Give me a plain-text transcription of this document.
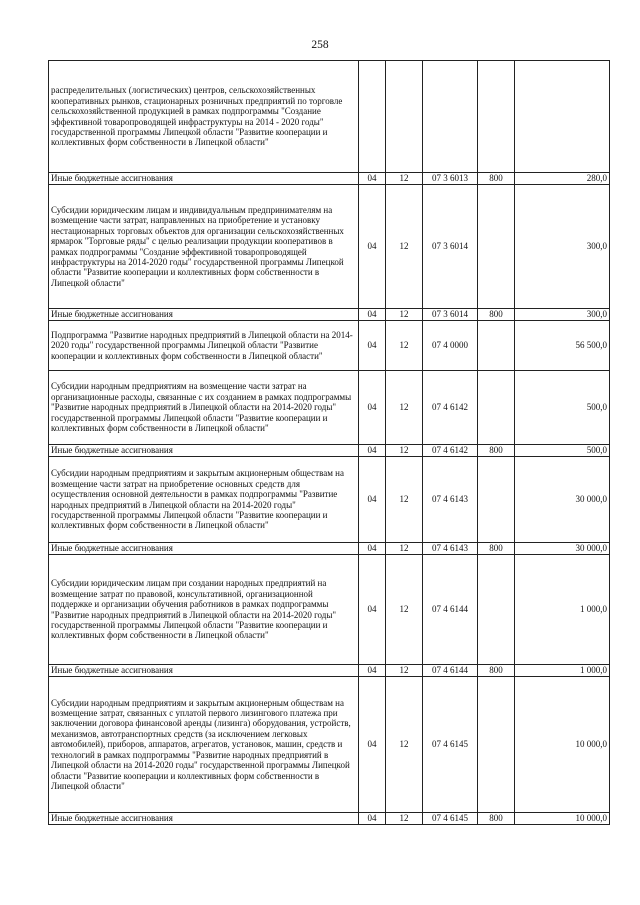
258
распределительных (логистических) центров, сельскохозяйственных кооперативных рынков, стационарных розничных предприятий по торговле сельскохозяйственной продукцией в рамках подпрограммы "Создание эффективной товаропроводящей инфраструктуры на 2014 - 2020 годы" государственной программы Липецкой области "Развитие кооперации и коллективных форм собственности в Липецкой области"					
Иные бюджетные ассигнования	04	12	07 3 6013	800	280,0
Субсидии юридическим лицам и индивидуальным предпринимателям на возмещение части затрат, направленных на приобретение и установку нестационарных торговых объектов для организации сельскохозяйственных ярмарок "Торговые ряды" с целью реализации продукции кооперативов в рамках подпрограммы "Создание эффективной товаропроводящей инфраструктуры на 2014-2020 годы" государственной программы Липецкой области "Развитие кооперации и коллективных форм собственности в Липецкой области"	04	12	07 3 6014		300,0
Иные бюджетные ассигнования	04	12	07 3 6014	800	300,0
Подпрограмма "Развитие народных предприятий в Липецкой области на 2014-2020 годы" государственной программы Липецкой области "Развитие кооперации и коллективных форм собственности в Липецкой области"	04	12	07 4 0000		56 500,0
Субсидии народным предприятиям на возмещение части затрат на организационные расходы, связанные с их созданием в рамках подпрограммы "Развитие народных предприятий в Липецкой области на 2014-2020 годы" государственной программы Липецкой области "Развитие кооперации и коллективных форм собственности в Липецкой области"	04	12	07 4 6142		500,0
Иные бюджетные ассигнования	04	12	07 4 6142	800	500,0
Субсидии народным предприятиям и закрытым акционерным обществам на возмещение части затрат на приобретение основных средств для осуществления основной деятельности в рамках подпрограммы "Развитие народных предприятий в Липецкой области на 2014-2020 годы" государственной программы Липецкой области "Развитие кооперации и коллективных форм собственности в Липецкой области"	04	12	07 4 6143		30 000,0
Иные бюджетные ассигнования	04	12	07 4 6143	800	30 000,0
Субсидии юридическим лицам при создании народных предприятий на возмещение затрат по правовой, консультативной, организационной поддержке и организации обучения работников в рамках подпрограммы "Развитие народных предприятий в Липецкой области на 2014-2020 годы" государственной программы Липецкой области "Развитие кооперации и коллективных форм собственности в Липецкой области"	04	12	07 4 6144		1 000,0
Иные бюджетные ассигнования	04	12	07 4 6144	800	1 000,0
Субсидии народным предприятиям и закрытым акционерным обществам на возмещение затрат, связанных с уплатой первого лизингового платежа при заключении договора финансовой аренды (лизинга) оборудования, устройств, механизмов, автотранспортных средств (за исключением легковых автомобилей), приборов, аппаратов, агрегатов, установок, машин, средств и технологий в рамках подпрограммы "Развитие народных предприятий в Липецкой области на 2014-2020 годы" государственной программы Липецкой области "Развитие кооперации и коллективных форм собственности в Липецкой области"	04	12	07 4 6145		10 000,0
Иные бюджетные ассигнования	04	12	07 4 6145	800	10 000,0
